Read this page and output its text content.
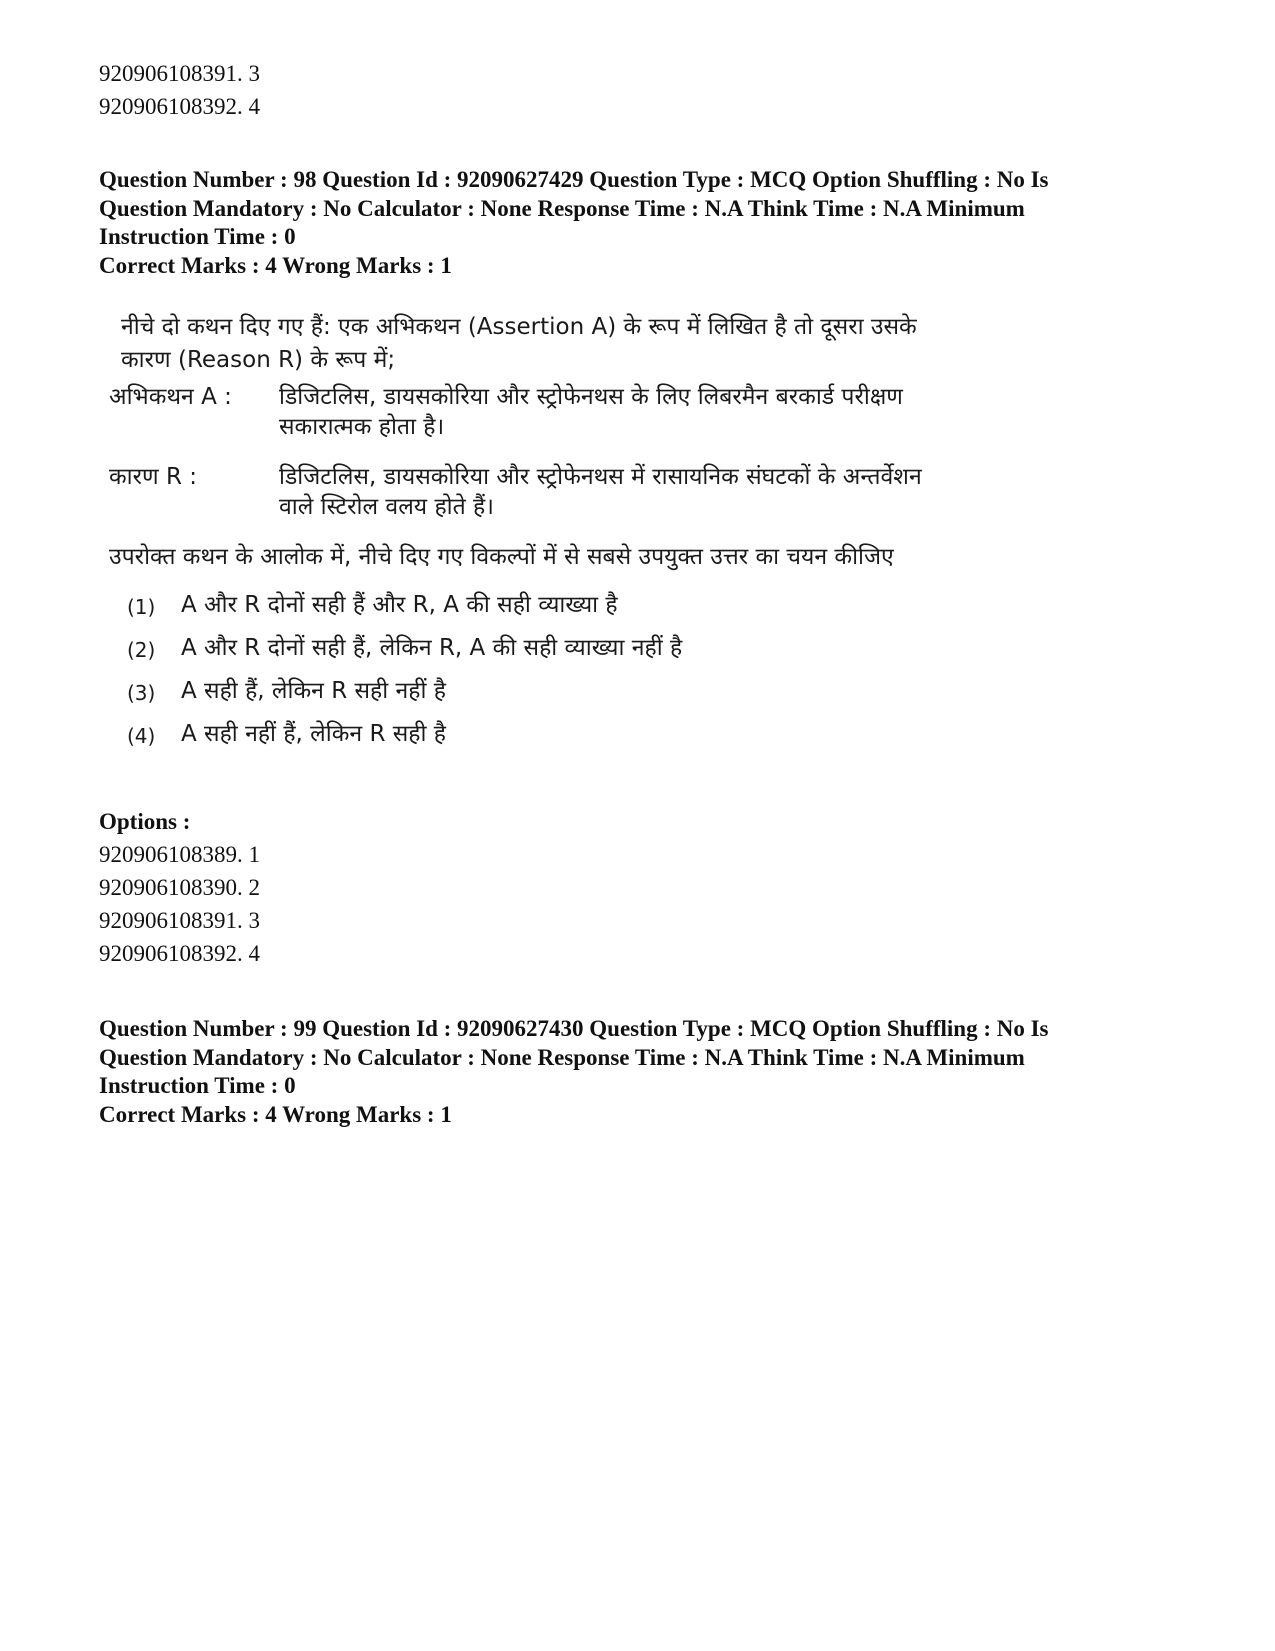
920906108391. 3
920906108392. 4
Question Number : 98 Question Id : 92090627429 Question Type : MCQ Option Shuffling : No Is
Question Mandatory : No Calculator : None Response Time : N.A Think Time : N.A Minimum
Instruction Time : 0
Correct Marks : 4 Wrong Marks : 1
नीचे दो कथन दिए गए हैं: एक अभिकथन (Assertion A) के रूप में लिखित है तो दूसरा उसके
कारण (Reason R) के रूप में;
अभिकथन A : डिजिटलिस, डायसकोरिया और स्ट्रोफेनथस के लिए लिबरमैन बरकार्ड परीक्षण
सकारात्मक होता है।
कारण R :	डिजिटलिस, डायसकोरिया और स्ट्रोफेनथस में रासायनिक संघटकों के अन्तर्वेशन
वाले स्टिरोल वलय होते हैं।
उपरोक्त कथन के आलोक में, नीचे दिए गए विकल्पों में से सबसे उपयुक्त उत्तर का चयन कीजिए
(1) A और R दोनों सही हैं और R, A की सही व्याख्या है
(2) A और R दोनों सही हैं, लेकिन R, A की सही व्याख्या नहीं है
(3) A सही हैं, लेकिन R सही नहीं है
(4) A सही नहीं हैं, लेकिन R सही है
Options :
920906108389. 1
920906108390. 2
920906108391. 3
920906108392. 4
Question Number : 99 Question Id : 92090627430 Question Type : MCQ Option Shuffling : No Is
Question Mandatory : No Calculator : None Response Time : N.A Think Time : N.A Minimum
Instruction Time : 0
Correct Marks : 4 Wrong Marks : 1
